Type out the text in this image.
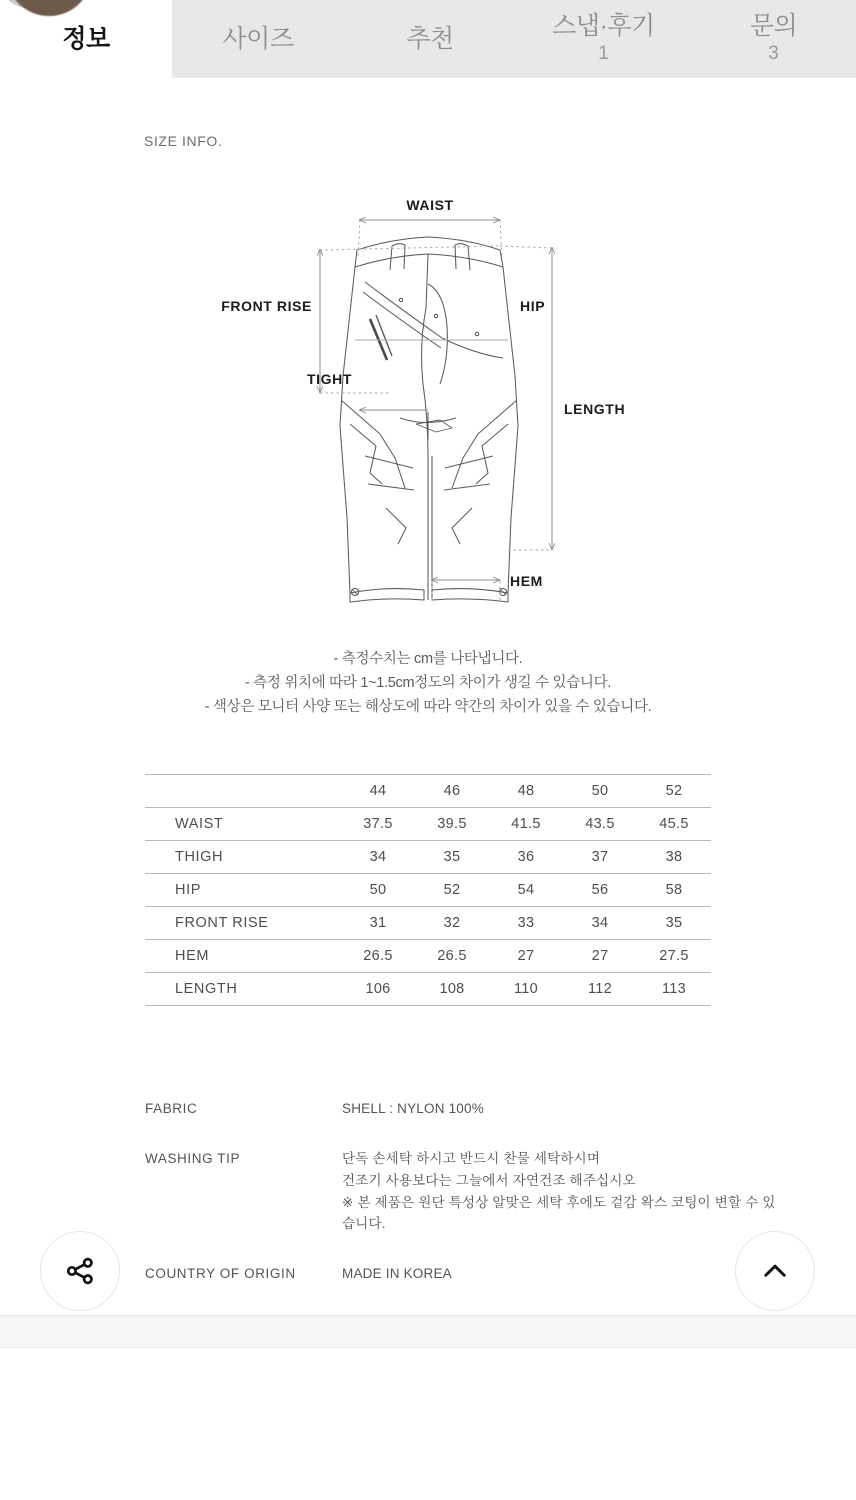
정보	사이즈	추천	스냅·후기
1
문의
3
SIZE INFO.
WAIST
FRONT RISE	HIP
TIGHT
LENGTH
HEM
- 측정수치는 cm를 나타냅니다.
- 측정 위치에 따라 1~1.5cm정도의 차이가 생길 수 있습니다.
- 색상은 모니터 사양 또는 해상도에 따라 약간의 차이가 있을 수 있습니다.
	44	46	48	50	52
WAIST	37.5	39.5	41.5	43.5	45.5
THIGH	34	35	36	37	38
HIP	50	52	54	56	58
FRONT RISE	31	32	33	34	35
HEM	26.5	26.5	27	27	27.5
LENGTH	106	108	110	112	113
FABRIC	SHELL : NYLON 100%
WASHING TIP	단독 손세탁 하시고 반드시 찬물 세탁하시며
건조기 사용보다는 그늘에서 자연건조 해주십시오
※ 본 제품은 원단 특성상 알맞은 세탁 후에도 겉감 왁스 코팅이 변할 수 있습니다.
COUNTRY OF ORIGIN	MADE IN KOREA
